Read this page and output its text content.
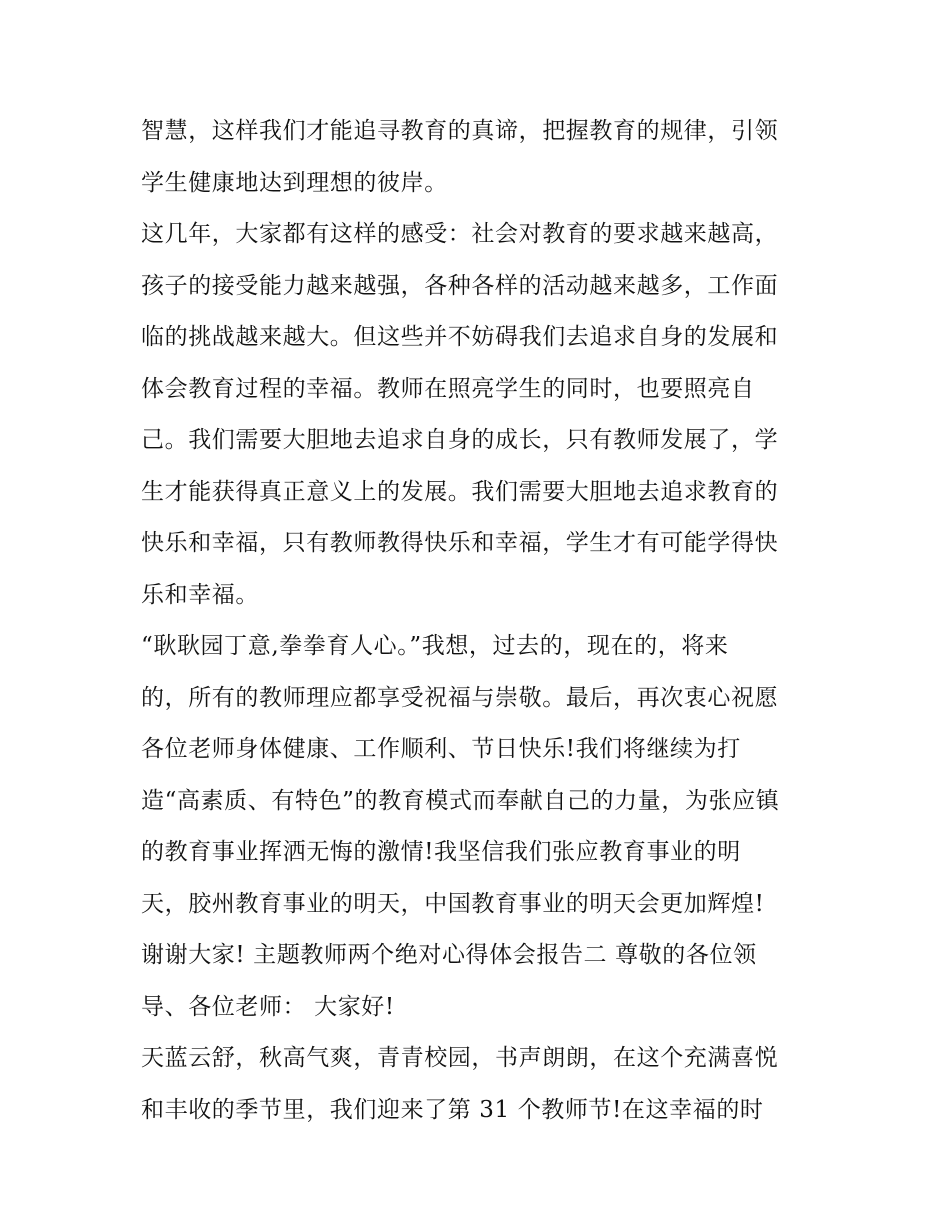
智慧，这样我们才能追寻教育的真谛，把握教育的规律，引领
学生健康地达到理想的彼岸。
这几年，大家都有这样的感受：社会对教育的要求越来越高，
孩子的接受能力越来越强，各种各样的活动越来越多，工作面
临的挑战越来越大。但这些并不妨碍我们去追求自身的发展和
体会教育过程的幸福。教师在照亮学生的同时，也要照亮自
己。我们需要大胆地去追求自身的成长，只有教师发展了，学
生才能获得真正意义上的发展。我们需要大胆地去追求教育的
快乐和幸福，只有教师教得快乐和幸福，学生才有可能学得快
乐和幸福。
“耿耿园丁意,拳拳育人心。”我想，过去的，现在的，将来
的，所有的教师理应都享受祝福与崇敬。最后，再次衷心祝愿
各位老师身体健康、工作顺利、节日快乐!我们将继续为打
造“高素质、有特色”的教育模式而奉献自己的力量，为张应镇
的教育事业挥洒无悔的激情!我坚信我们张应教育事业的明
天，胶州教育事业的明天，中国教育事业的明天会更加辉煌!
谢谢大家! 主题教师两个绝对心得体会报告二 尊敬的各位领
导、各位老师： 大家好!
天蓝云舒，秋高气爽，青青校园，书声朗朗，在这个充满喜悦
和丰收的季节里，我们迎来了第 31 个教师节!在这幸福的时
